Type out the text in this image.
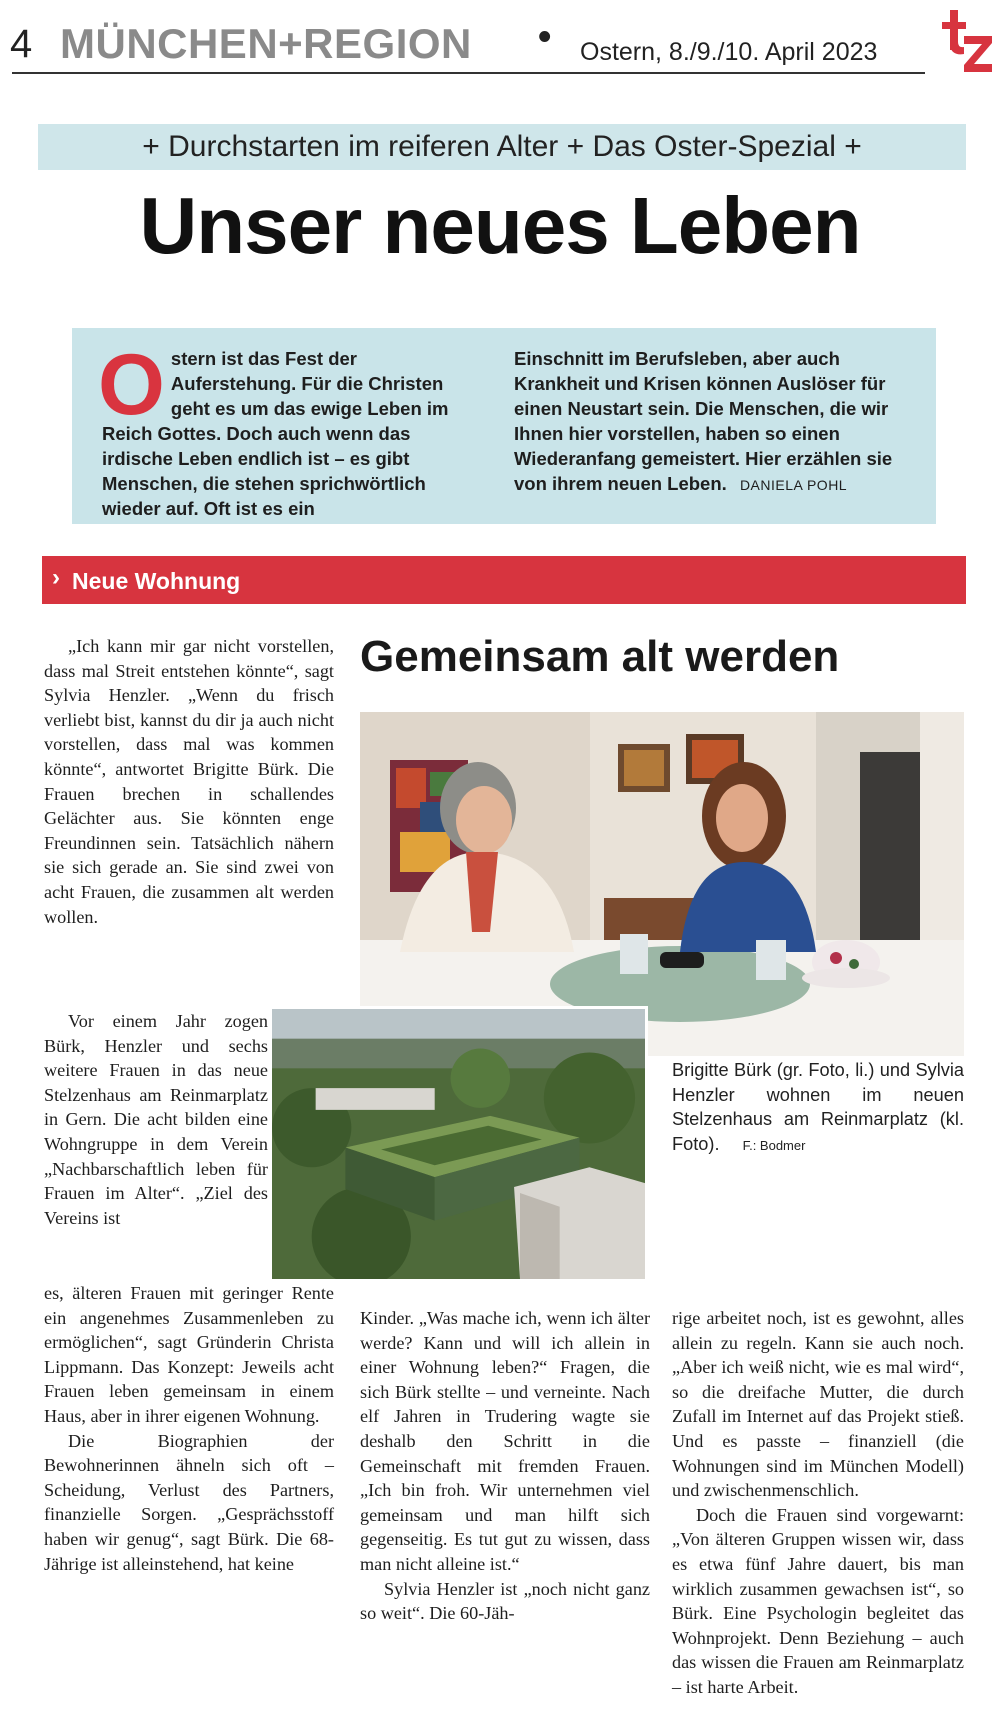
4 MÜNCHEN+REGION • Ostern, 8./9./10. April 2023
+ Durchstarten im reiferen Alter + Das Oster-Spezial +
Unser neues Leben
O stern ist das Fest der Auferstehung. Für die Christen geht es um das ewige Leben im Reich Gottes. Doch auch wenn das irdische Leben endlich ist – es gibt Menschen, die stehen sprichwörtlich wieder auf. Oft ist es ein
Einschnitt im Berufsleben, aber auch Krankheit und Krisen können Auslöser für einen Neustart sein. Die Menschen, die wir Ihnen hier vorstellen, haben so einen Wiederanfang gemeistert. Hier erzählen sie von ihrem neuen Leben. DANIELA POHL
› Neue Wohnung
Gemeinsam alt werden

„Ich kann mir gar nicht vorstellen, dass mal Streit entstehen könnte“, sagt Sylvia Henzler. „Wenn du frisch verliebt bist, kannst du dir ja auch nicht vorstellen, dass mal was kommen könnte“, antwortet Brigitte Bürk. Die Frauen brechen in schallendes Gelächter aus. Sie könnten enge Freundinnen sein. Tatsächlich nähern sie sich gerade an. Sie sind zwei von acht Frauen, die zusammen alt werden wollen.

Vor einem Jahr zogen Bürk, Henzler und sechs weitere Frauen in das neue Stelzenhaus am Reinmarplatz in Gern. Die acht bilden eine Wohngruppe in dem Verein „Nachbarschaftlich leben für Frauen im Alter“. „Ziel des Vereins ist

es, älteren Frauen mit geringer Rente ein angenehmes Zusammenleben zu ermöglichen“, sagt Gründerin Christa Lippmann. Das Konzept: Jeweils acht Frauen leben gemeinsam in einem Haus, aber in ihrer eigenen Wohnung.

Die Biographien der Bewohnerinnen ähneln sich oft – Scheidung, Verlust des Partners, finanzielle Sorgen. „Gesprächsstoff haben wir genug“, sagt Bürk. Die 68-Jährige ist alleinstehend, hat keine

Kinder. „Was mache ich, wenn ich älter werde? Kann und will ich allein in einer Wohnung leben?“ Fragen, die sich Bürk stellte – und verneinte. Nach elf Jahren in Trudering wagte sie deshalb den Schritt in die Gemeinschaft mit fremden Frauen. „Ich bin froh. Wir unternehmen viel gemeinsam und man hilft sich gegenseitig. Es tut gut zu wissen, dass man nicht alleine ist.“

Sylvia Henzler ist „noch nicht ganz so weit“. Die 60-Jäh-

rige arbeitet noch, ist es gewohnt, alles allein zu regeln. Kann sie auch noch. „Aber ich weiß nicht, wie es mal wird“, so die dreifache Mutter, die durch Zufall im Internet auf das Projekt stieß. Und es passte – finanziell (die Wohnungen sind im München Modell) und zwischenmenschlich.

Doch die Frauen sind vorgewarnt: „Von älteren Gruppen wissen wir, dass es etwa fünf Jahre dauert, bis man wirklich zusammen gewachsen ist“, so Bürk. Eine Psychologin begleitet das Wohnprojekt. Denn Beziehung – auch das wissen die Frauen am Reinmarplatz – ist harte Arbeit.

Brigitte Bürk (gr. Foto, li.) und Sylvia Henzler wohnen im neuen Stelzenhaus am Reinmarplatz (kl. Foto). F.: Bodmer
